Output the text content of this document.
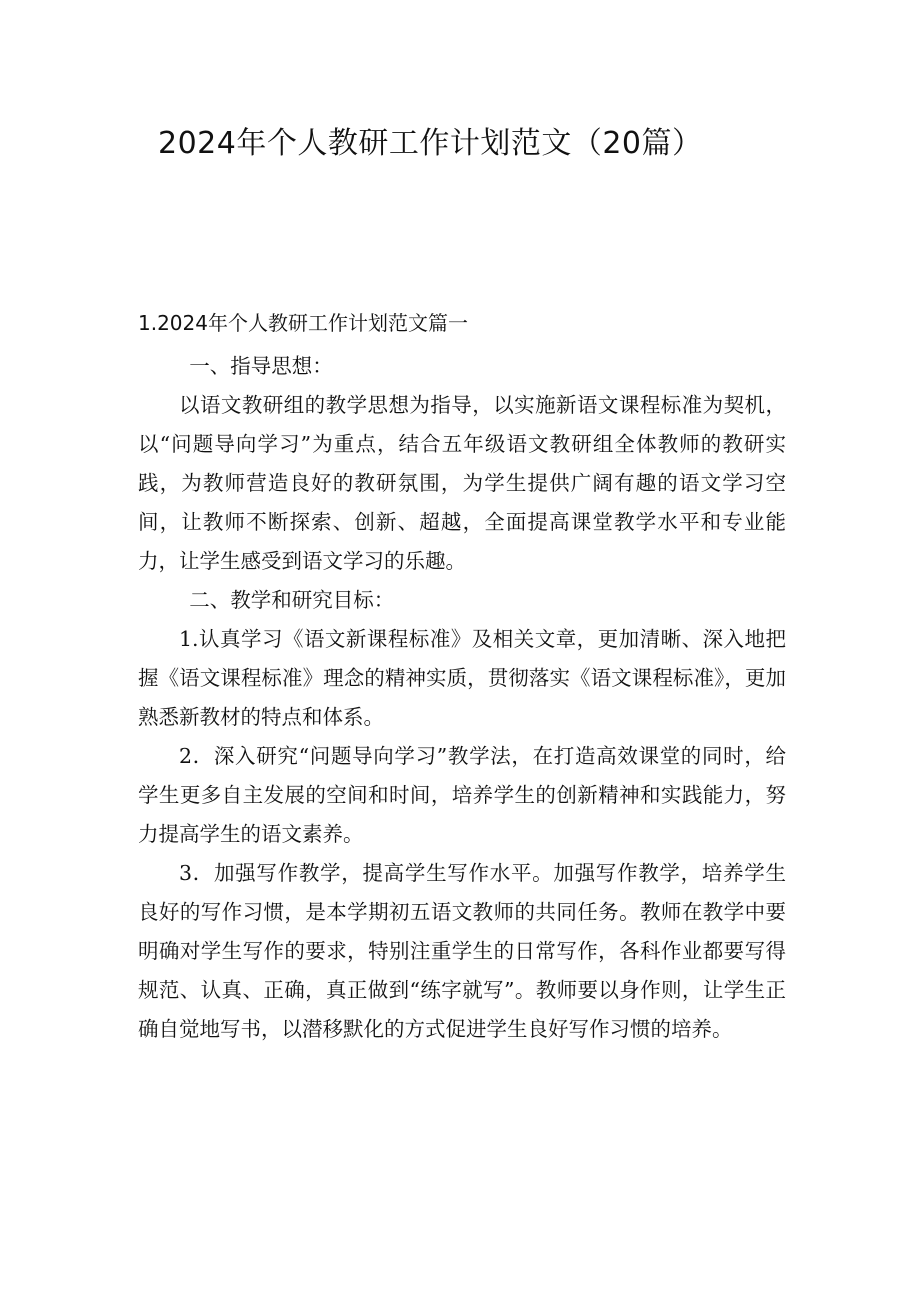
2024年个人教研工作计划范文（20篇）
1.2024年个人教研工作计划范文篇一

一、指导思想：

以语文教研组的教学思想为指导，以实施新语文课程标准为契机，以“问题导向学习”为重点，结合五年级语文教研组全体教师的教研实践，为教师营造良好的教研氛围，为学生提供广阔有趣的语文学习空间，让教师不断探索、创新、超越，全面提高课堂教学水平和专业能力，让学生感受到语文学习的乐趣。

二、教学和研究目标：

1.认真学习《语文新课程标准》及相关文章，更加清晰、深入地把握《语文课程标准》理念的精神实质，贯彻落实《语文课程标准》，更加熟悉新教材的特点和体系。

2．深入研究“问题导向学习”教学法，在打造高效课堂的同时，给学生更多自主发展的空间和时间，培养学生的创新精神和实践能力，努力提高学生的语文素养。

3．加强写作教学，提高学生写作水平。加强写作教学，培养学生良好的写作习惯，是本学期初五语文教师的共同任务。教师在教学中要明确对学生写作的要求，特别注重学生的日常写作，各科作业都要写得规范、认真、正确，真正做到“练字就写”。教师要以身作则，让学生正确自觉地写书，以潜移默化的方式促进学生良好写作习惯的培养。
